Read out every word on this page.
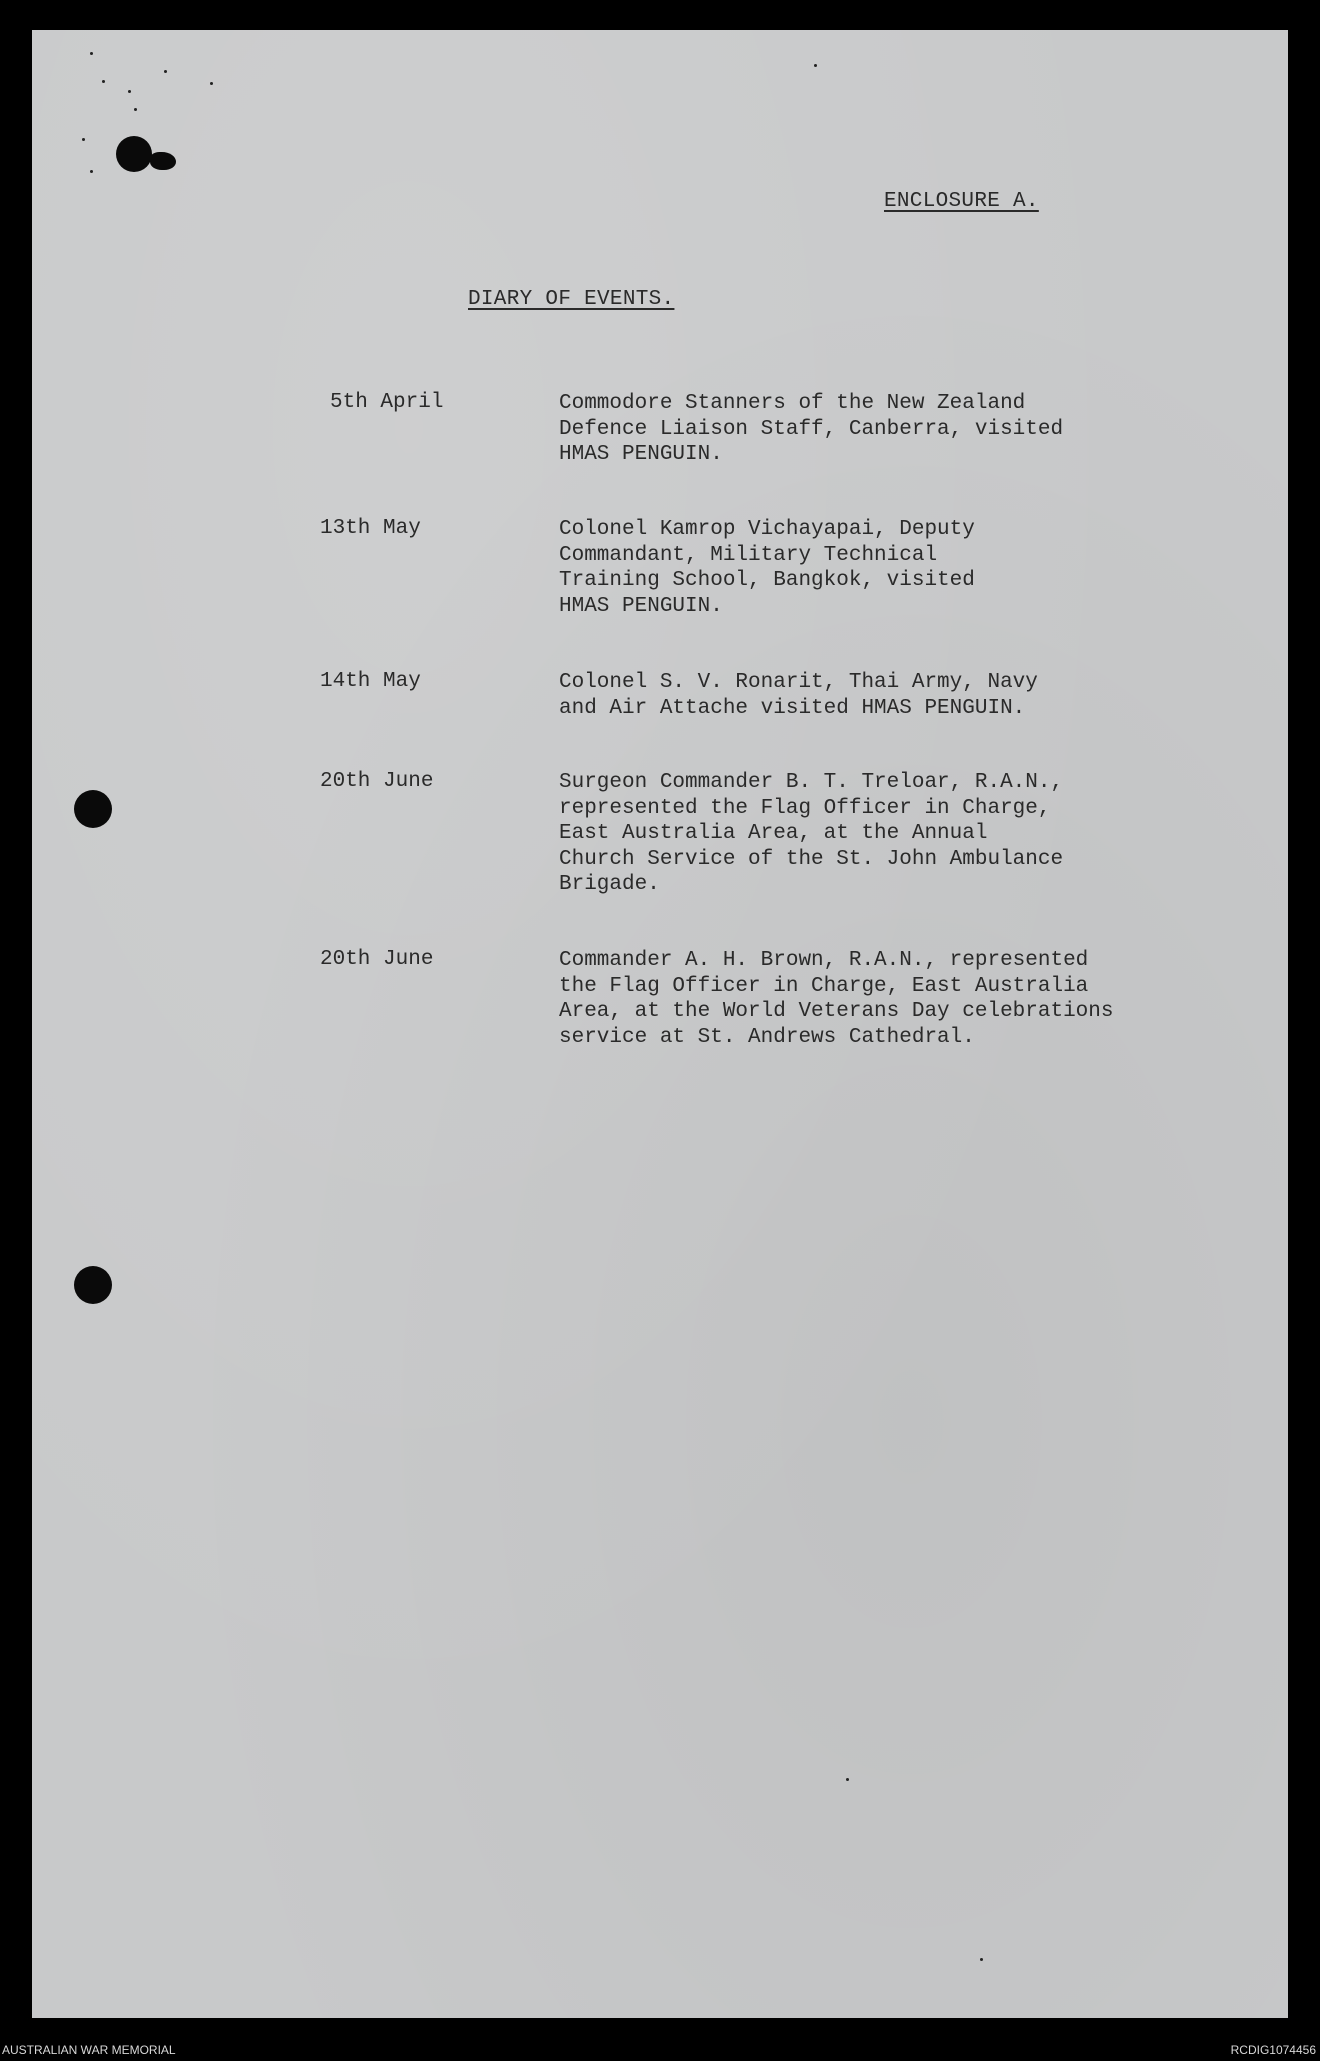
ENCLOSURE A.
DIARY OF EVENTS.
5th April	Commodore Stanners of the New Zealand
Defence Liaison Staff, Canberra, visited
HMAS PENGUIN.
13th May	Colonel Kamrop Vichayapai, Deputy
Commandant, Military Technical
Training School, Bangkok, visited
HMAS PENGUIN.
14th May	Colonel S. V. Ronarit, Thai Army, Navy
and Air Attache visited HMAS PENGUIN.
20th June	Surgeon Commander B. T. Treloar, R.A.N.,
represented the Flag Officer in Charge,
East Australia Area, at the Annual
Church Service of the St. John Ambulance
Brigade.
20th June	Commander A. H. Brown, R.A.N., represented
the Flag Officer in Charge, East Australia
Area, at the World Veterans Day celebrations
service at St. Andrews Cathedral.
AUSTRALIAN WAR MEMORIAL	RCDIG1074456
